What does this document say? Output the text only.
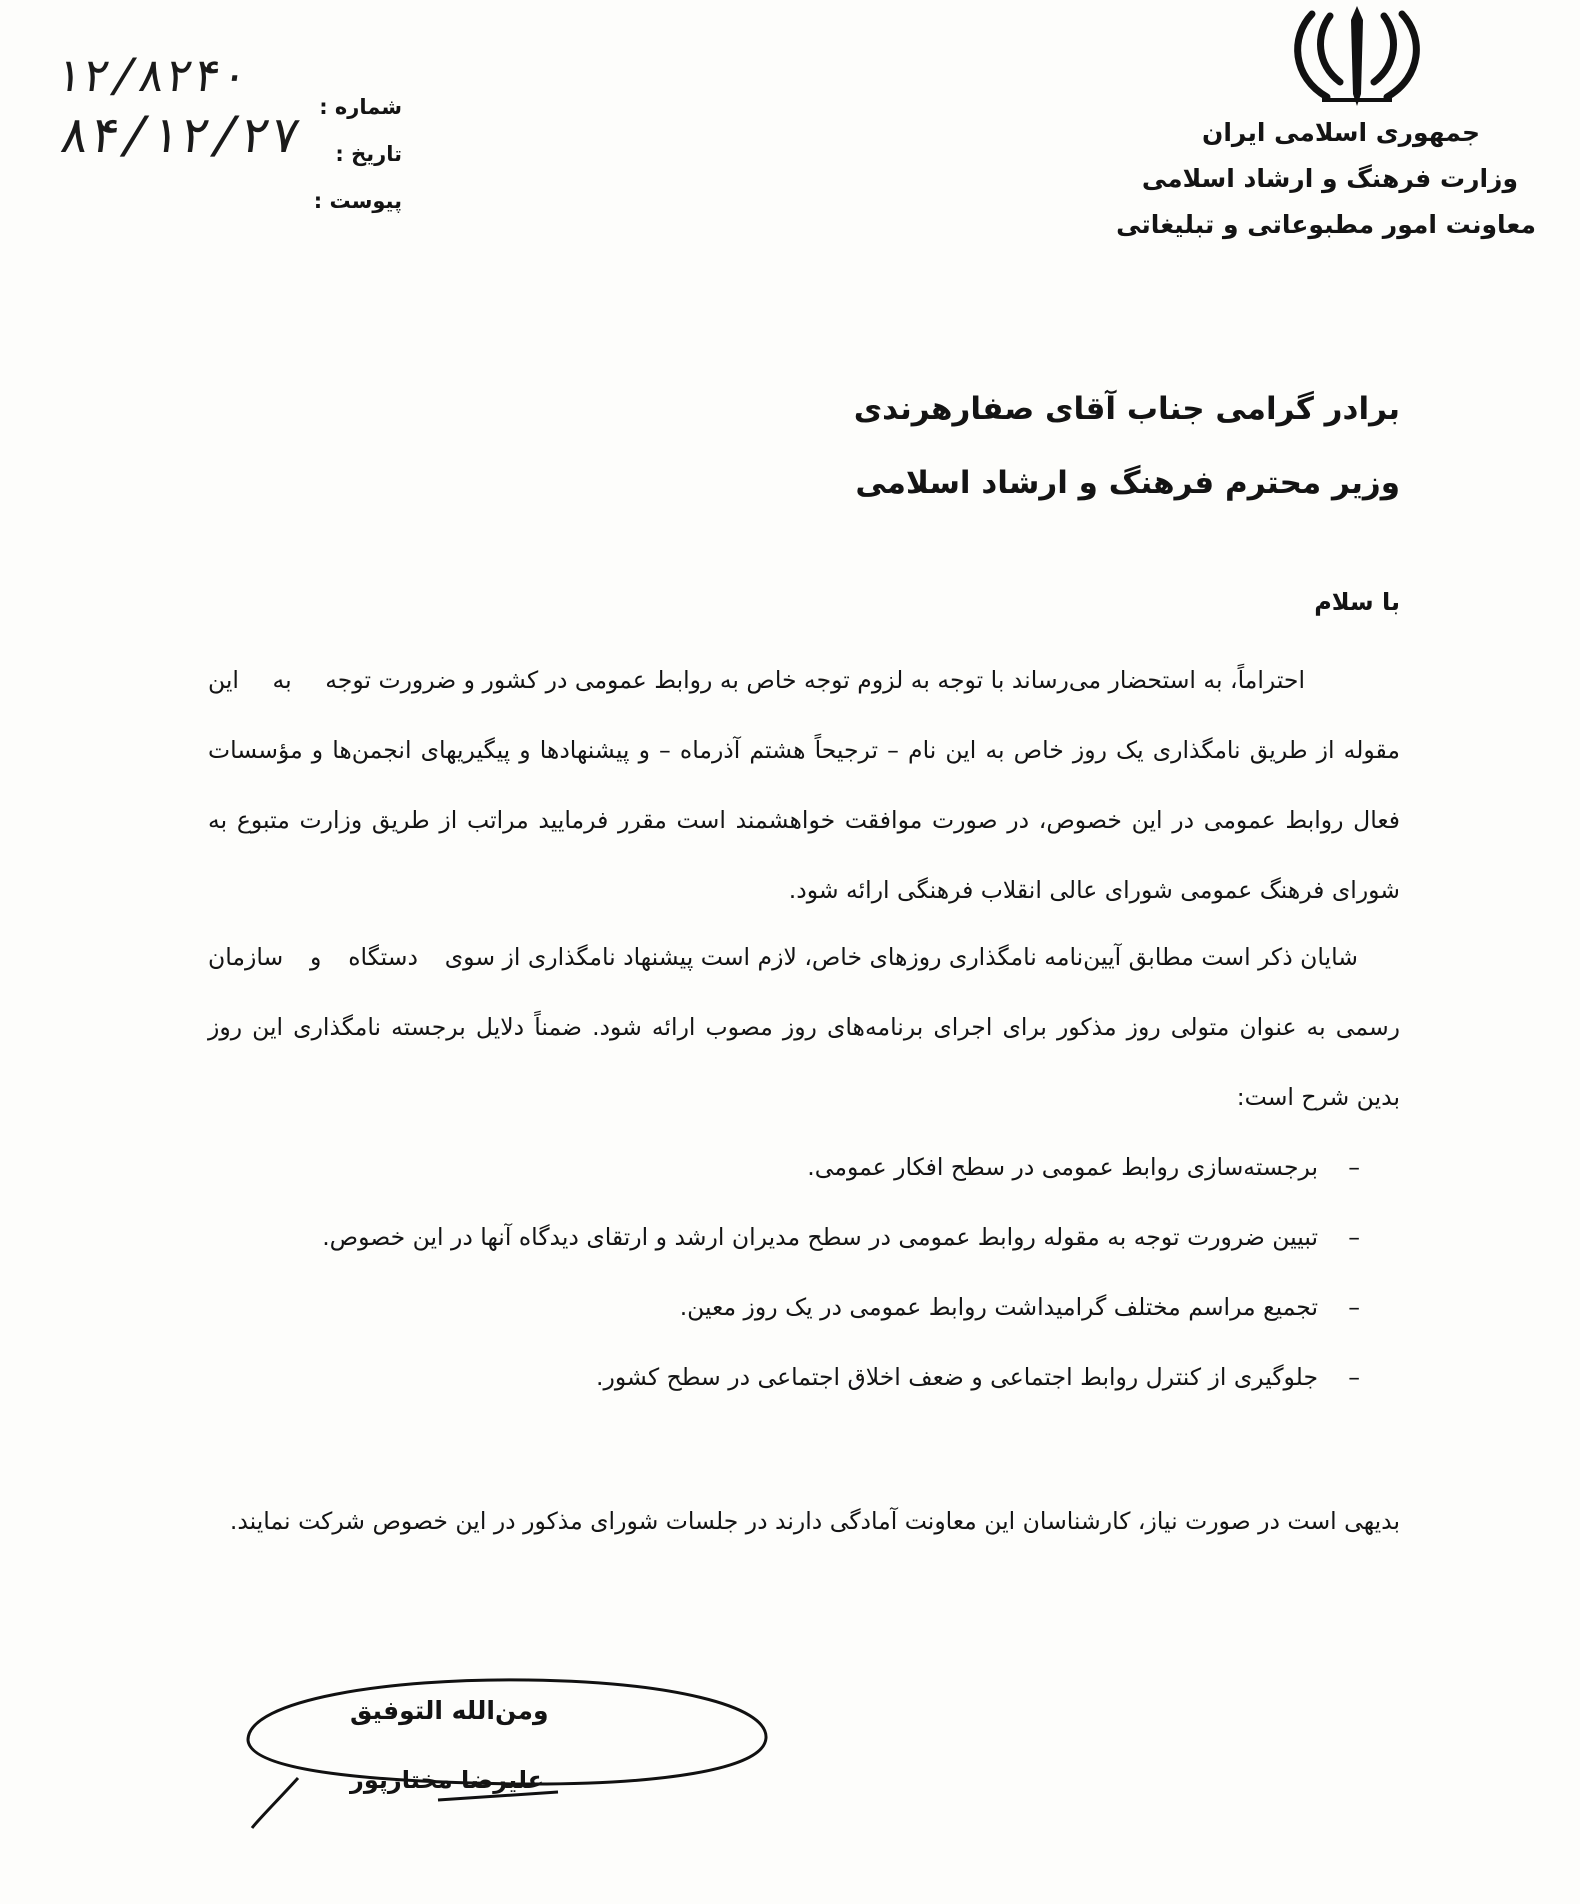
جمهوری اسلامی ایران
وزارت فرهنگ و ارشاد اسلامی
معاونت امور مطبوعاتی و تبلیغاتی
شماره :
تاریخ :
پیوست :
۱۲/۸۲۴۰
۸۴/۱۲/۲۷
برادر گرامی جناب آقای صفارهرندی
وزیر محترم فرهنگ و ارشاد اسلامی
با سلام
احتراماً، به استحضار می‌رساند با توجه به لزوم توجه خاص به روابط عمومی در کشور و ضرورت توجه به این مقوله از طریق نامگذاری یک روز خاص به این نام – ترجیحاً هشتم آذرماه – و پیشنهادها و پیگیریهای انجمن‌ها و مؤسسات فعال روابط عمومی در این خصوص، در صورت موافقت خواهشمند است مقرر فرمایید مراتب از طریق وزارت متبوع به شورای فرهنگ عمومی شورای عالی انقلاب فرهنگی ارائه شود.
شایان ذکر است مطابق آیین‌نامه نامگذاری روزهای خاص، لازم است پیشنهاد نامگذاری از سوی دستگاه و سازمان رسمی به عنوان متولی روز مذکور برای اجرای برنامه‌های روز مصوب ارائه شود. ضمناً دلایل برجسته نامگذاری این روز بدین شرح است:
–
برجسته‌سازی روابط عمومی در سطح افکار عمومی.
–
تبیین ضرورت توجه به مقوله روابط عمومی در سطح مدیران ارشد و ارتقای دیدگاه آنها در این خصوص.
–
تجمیع مراسم مختلف گرامیداشت روابط عمومی در یک روز معین.
–
جلوگیری از کنترل روابط اجتماعی و ضعف اخلاق اجتماعی در سطح کشور.
بدیهی است در صورت نیاز، کارشناسان این معاونت آمادگی دارند در جلسات شورای مذکور در این خصوص شرکت نمایند.
ومن‌الله التوفیق
علیرضا مختارپور
